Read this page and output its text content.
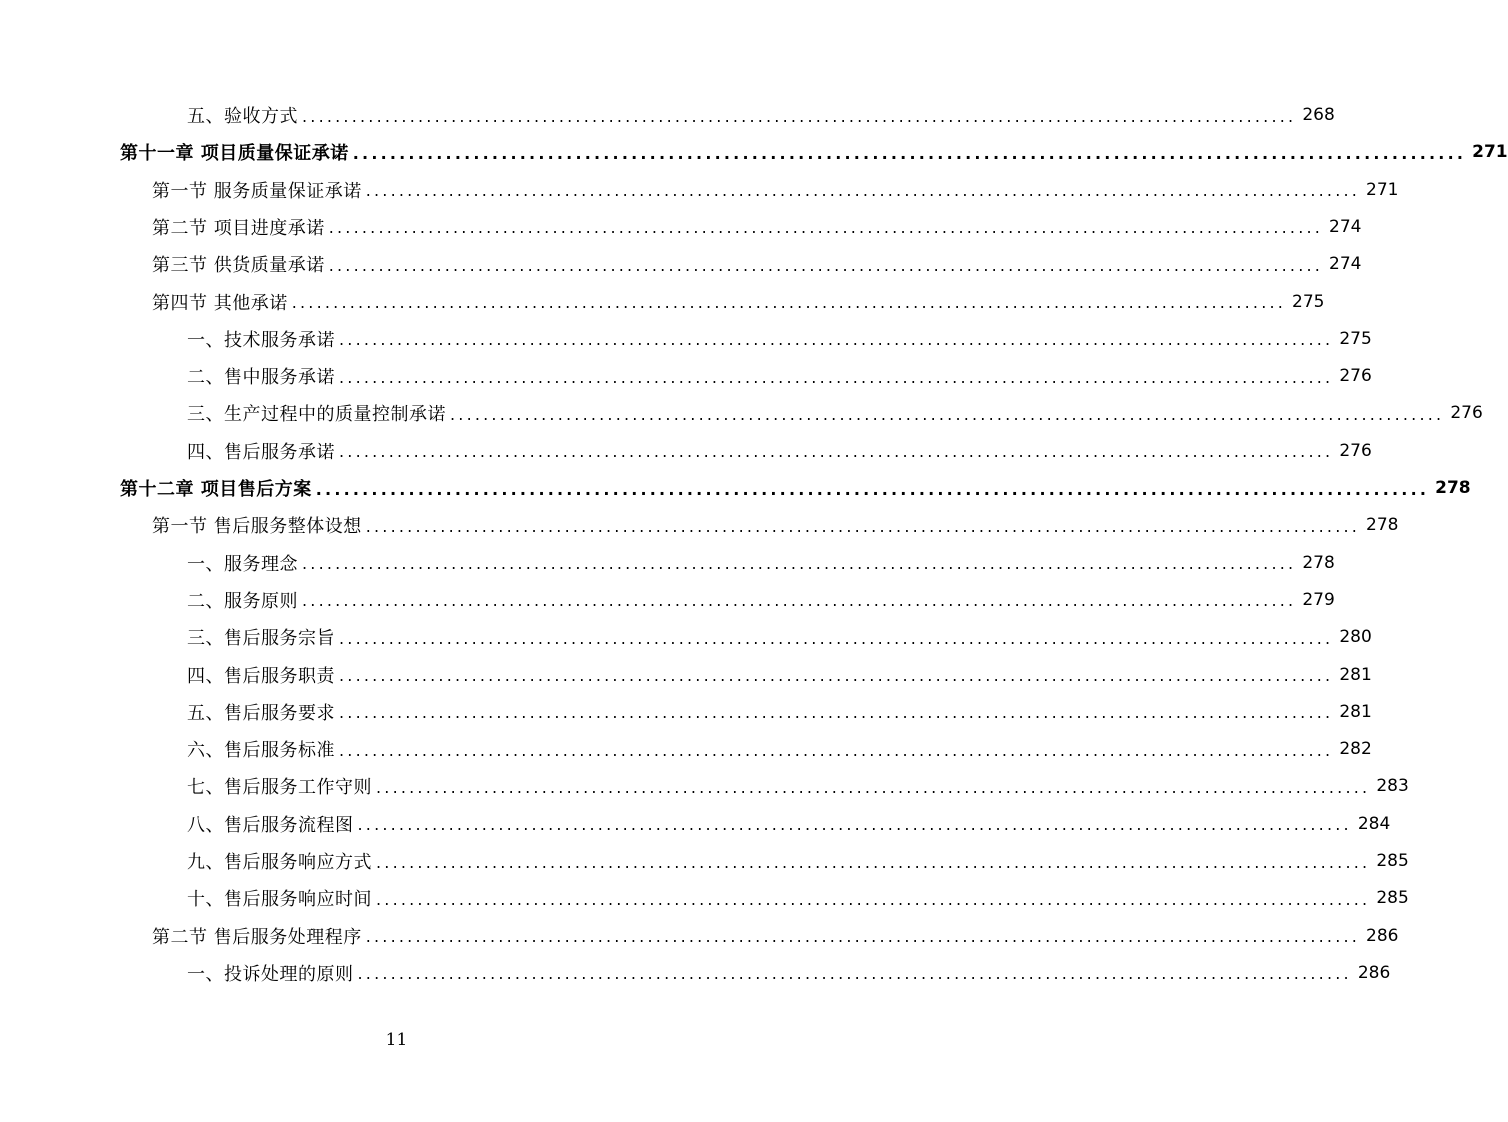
五、验收方式 ........................................................................................................................ 268
第十一章 项目质量保证承诺 ........................................................................................................................ 271
第一节 服务质量保证承诺 ........................................................................................................................ 271
第二节 项目进度承诺 ........................................................................................................................ 274
第三节 供货质量承诺 ........................................................................................................................ 274
第四节 其他承诺 ........................................................................................................................ 275
一、技术服务承诺 ........................................................................................................................ 275
二、售中服务承诺 ........................................................................................................................ 276
三、生产过程中的质量控制承诺 ........................................................................................................................ 276
四、售后服务承诺 ........................................................................................................................ 276
第十二章 项目售后方案 ........................................................................................................................ 278
第一节 售后服务整体设想 ........................................................................................................................ 278
一、服务理念 ........................................................................................................................ 278
二、服务原则 ........................................................................................................................ 279
三、售后服务宗旨 ........................................................................................................................ 280
四、售后服务职责 ........................................................................................................................ 281
五、售后服务要求 ........................................................................................................................ 281
六、售后服务标准 ........................................................................................................................ 282
七、售后服务工作守则 ........................................................................................................................ 283
八、售后服务流程图 ........................................................................................................................ 284
九、售后服务响应方式 ........................................................................................................................ 285
十、售后服务响应时间 ........................................................................................................................ 285
第二节 售后服务处理程序 ........................................................................................................................ 286
一、投诉处理的原则 ........................................................................................................................ 286
11
